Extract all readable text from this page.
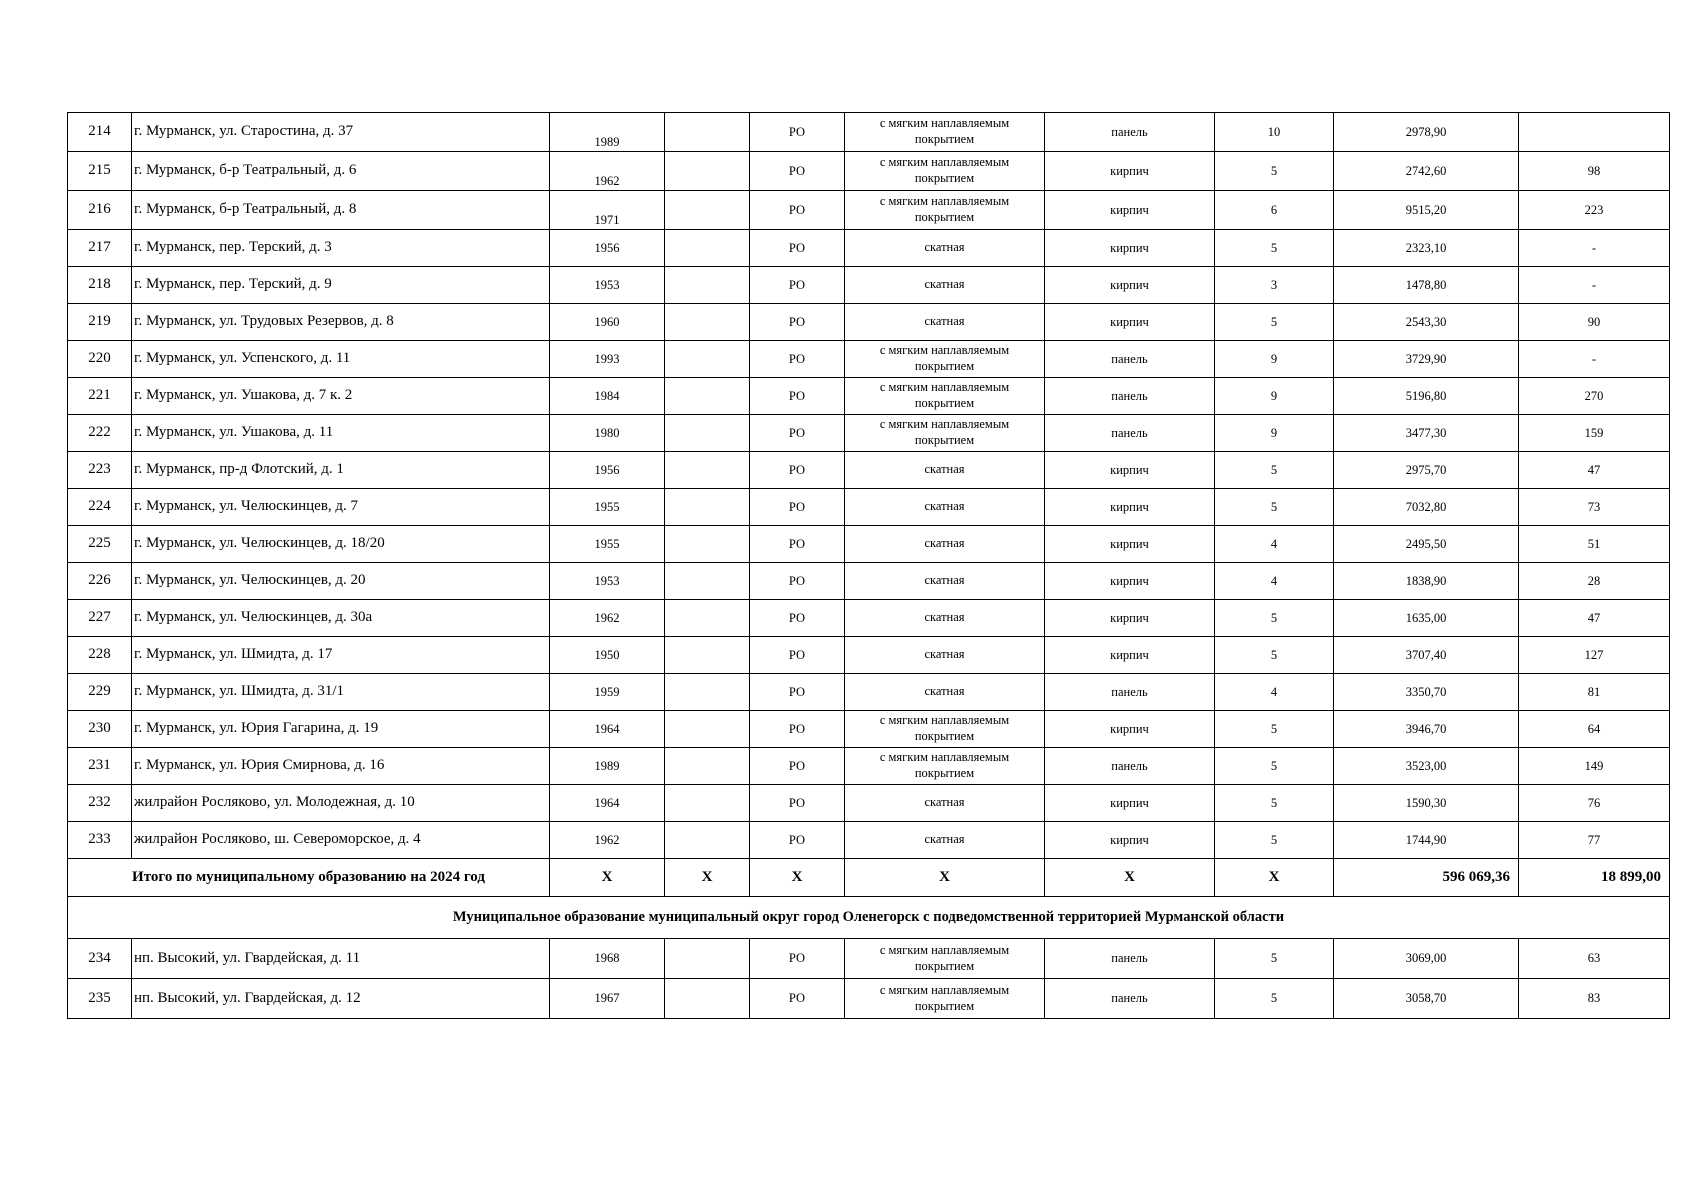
214	г. Мурманск, ул. Старостина, д. 37	1989		РО	с мягким наплавляемым покрытием	панель	10	2978,90	
215	г. Мурманск, б-р Театральный, д. 6	1962		РО	с мягким наплавляемым покрытием	кирпич	5	2742,60	98
216	г. Мурманск, б-р Театральный, д. 8	1971		РО	с мягким наплавляемым покрытием	кирпич	6	9515,20	223
217	г. Мурманск, пер. Терский, д. 3	1956		РО	скатная	кирпич	5	2323,10	-
218	г. Мурманск, пер. Терский, д. 9	1953		РО	скатная	кирпич	3	1478,80	-
219	г. Мурманск, ул. Трудовых Резервов, д. 8	1960		РО	скатная	кирпич	5	2543,30	90
220	г. Мурманск, ул. Успенского, д. 11	1993		РО	с мягким наплавляемым покрытием	панель	9	3729,90	-
221	г. Мурманск, ул. Ушакова, д. 7 к. 2	1984		РО	с мягким наплавляемым покрытием	панель	9	5196,80	270
222	г. Мурманск, ул. Ушакова, д. 11	1980		РО	с мягким наплавляемым покрытием	панель	9	3477,30	159
223	г. Мурманск, пр-д Флотский, д. 1	1956		РО	скатная	кирпич	5	2975,70	47
224	г. Мурманск, ул. Челюскинцев, д. 7	1955		РО	скатная	кирпич	5	7032,80	73
225	г. Мурманск, ул. Челюскинцев, д. 18/20	1955		РО	скатная	кирпич	4	2495,50	51
226	г. Мурманск, ул. Челюскинцев, д. 20	1953		РО	скатная	кирпич	4	1838,90	28
227	г. Мурманск, ул. Челюскинцев, д. 30а	1962		РО	скатная	кирпич	5	1635,00	47
228	г. Мурманск, ул. Шмидта, д. 17	1950		РО	скатная	кирпич	5	3707,40	127
229	г. Мурманск, ул. Шмидта, д. 31/1	1959		РО	скатная	панель	4	3350,70	81
230	г. Мурманск, ул. Юрия Гагарина, д. 19	1964		РО	с мягким наплавляемым покрытием	кирпич	5	3946,70	64
231	г. Мурманск, ул. Юрия Смирнова, д. 16	1989		РО	с мягким наплавляемым покрытием	панель	5	3523,00	149
232	жилрайон Росляково, ул. Молодежная, д. 10	1964		РО	скатная	кирпич	5	1590,30	76
233	жилрайон Росляково, ш. Североморское, д. 4	1962		РО	скатная	кирпич	5	1744,90	77
Итого по муниципальному образованию на 2024 год		Х	Х	Х	Х	Х	Х	596 069,36	18 899,00
Муниципальное образование муниципальный округ город Оленегорск с подведомственной территорией Мурманской области									
234	нп. Высокий, ул. Гвардейская, д. 11	1968		РО	с мягким наплавляемым покрытием	панель	5	3069,00	63
235	нп. Высокий, ул. Гвардейская, д. 12	1967		РО	с мягким наплавляемым покрытием	панель	5	3058,70	83
